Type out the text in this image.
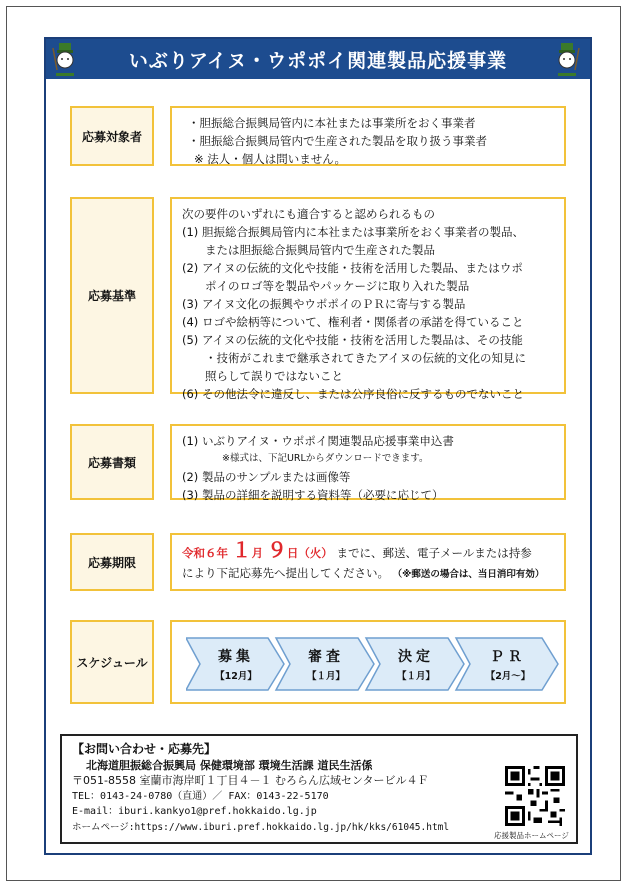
いぶりアイヌ・ウポポイ関連製品応援事業
応募対象者
・胆振総合振興局管内に本社または事業所をおく事業者
・胆振総合振興局管内で生産された製品を取り扱う事業者
※ 法人・個人は問いません。
応募基準
次の要件のいずれにも適合すると認められるもの
(1) 胆振総合振興局管内に本社または事業所をおく事業者の製品、
または胆振総合振興局管内で生産された製品
(2) アイヌの伝統的文化や技能・技術を活用した製品、またはウポ
ポイのロゴ等を製品やパッケージに取り入れた製品
(3) アイヌ文化の振興やウポポイのＰＲに寄与する製品
(4) ロゴや絵柄等について、権利者・関係者の承諾を得ていること
(5) アイヌの伝統的文化や技能・技術を活用した製品は、その技能
・技術がこれまで継承されてきたアイヌの伝統的文化の知見に
照らして誤りではないこと
(6) その他法令に違反し、または公序良俗に反するものでないこと
応募書類
(1) いぶりアイヌ・ウポポイ関連製品応援事業申込書
※様式は、下記URLからダウンロードできます。
(2) 製品のサンプルまたは画像等
(3) 製品の詳細を説明する資料等（必要に応じて）
応募期限
令和６年 １月 ９日（火） までに、郵送、電子メールまたは持参
により下記応募先へ提出してください。 （※郵送の場合は、当日消印有効）
スケジュール	募集
【12月】
審査
【１月】
決定
【１月】
ＰＲ
【2月～】
【お問い合わせ・応募先】
北海道胆振総合振興局 保健環境部 環境生活課 道民生活係
〒051-8558 室蘭市海岸町１丁目４－１ むろらん広域センタービル４Ｆ
TEL：0143-24-0780（直通）／ FAX：0143-22-5170
E-mail：iburi.kankyo1@pref.hokkaido.lg.jp
ホームページ:https://www.iburi.pref.hokkaido.lg.jp/hk/kks/61045.html
応援製品ホームページ
